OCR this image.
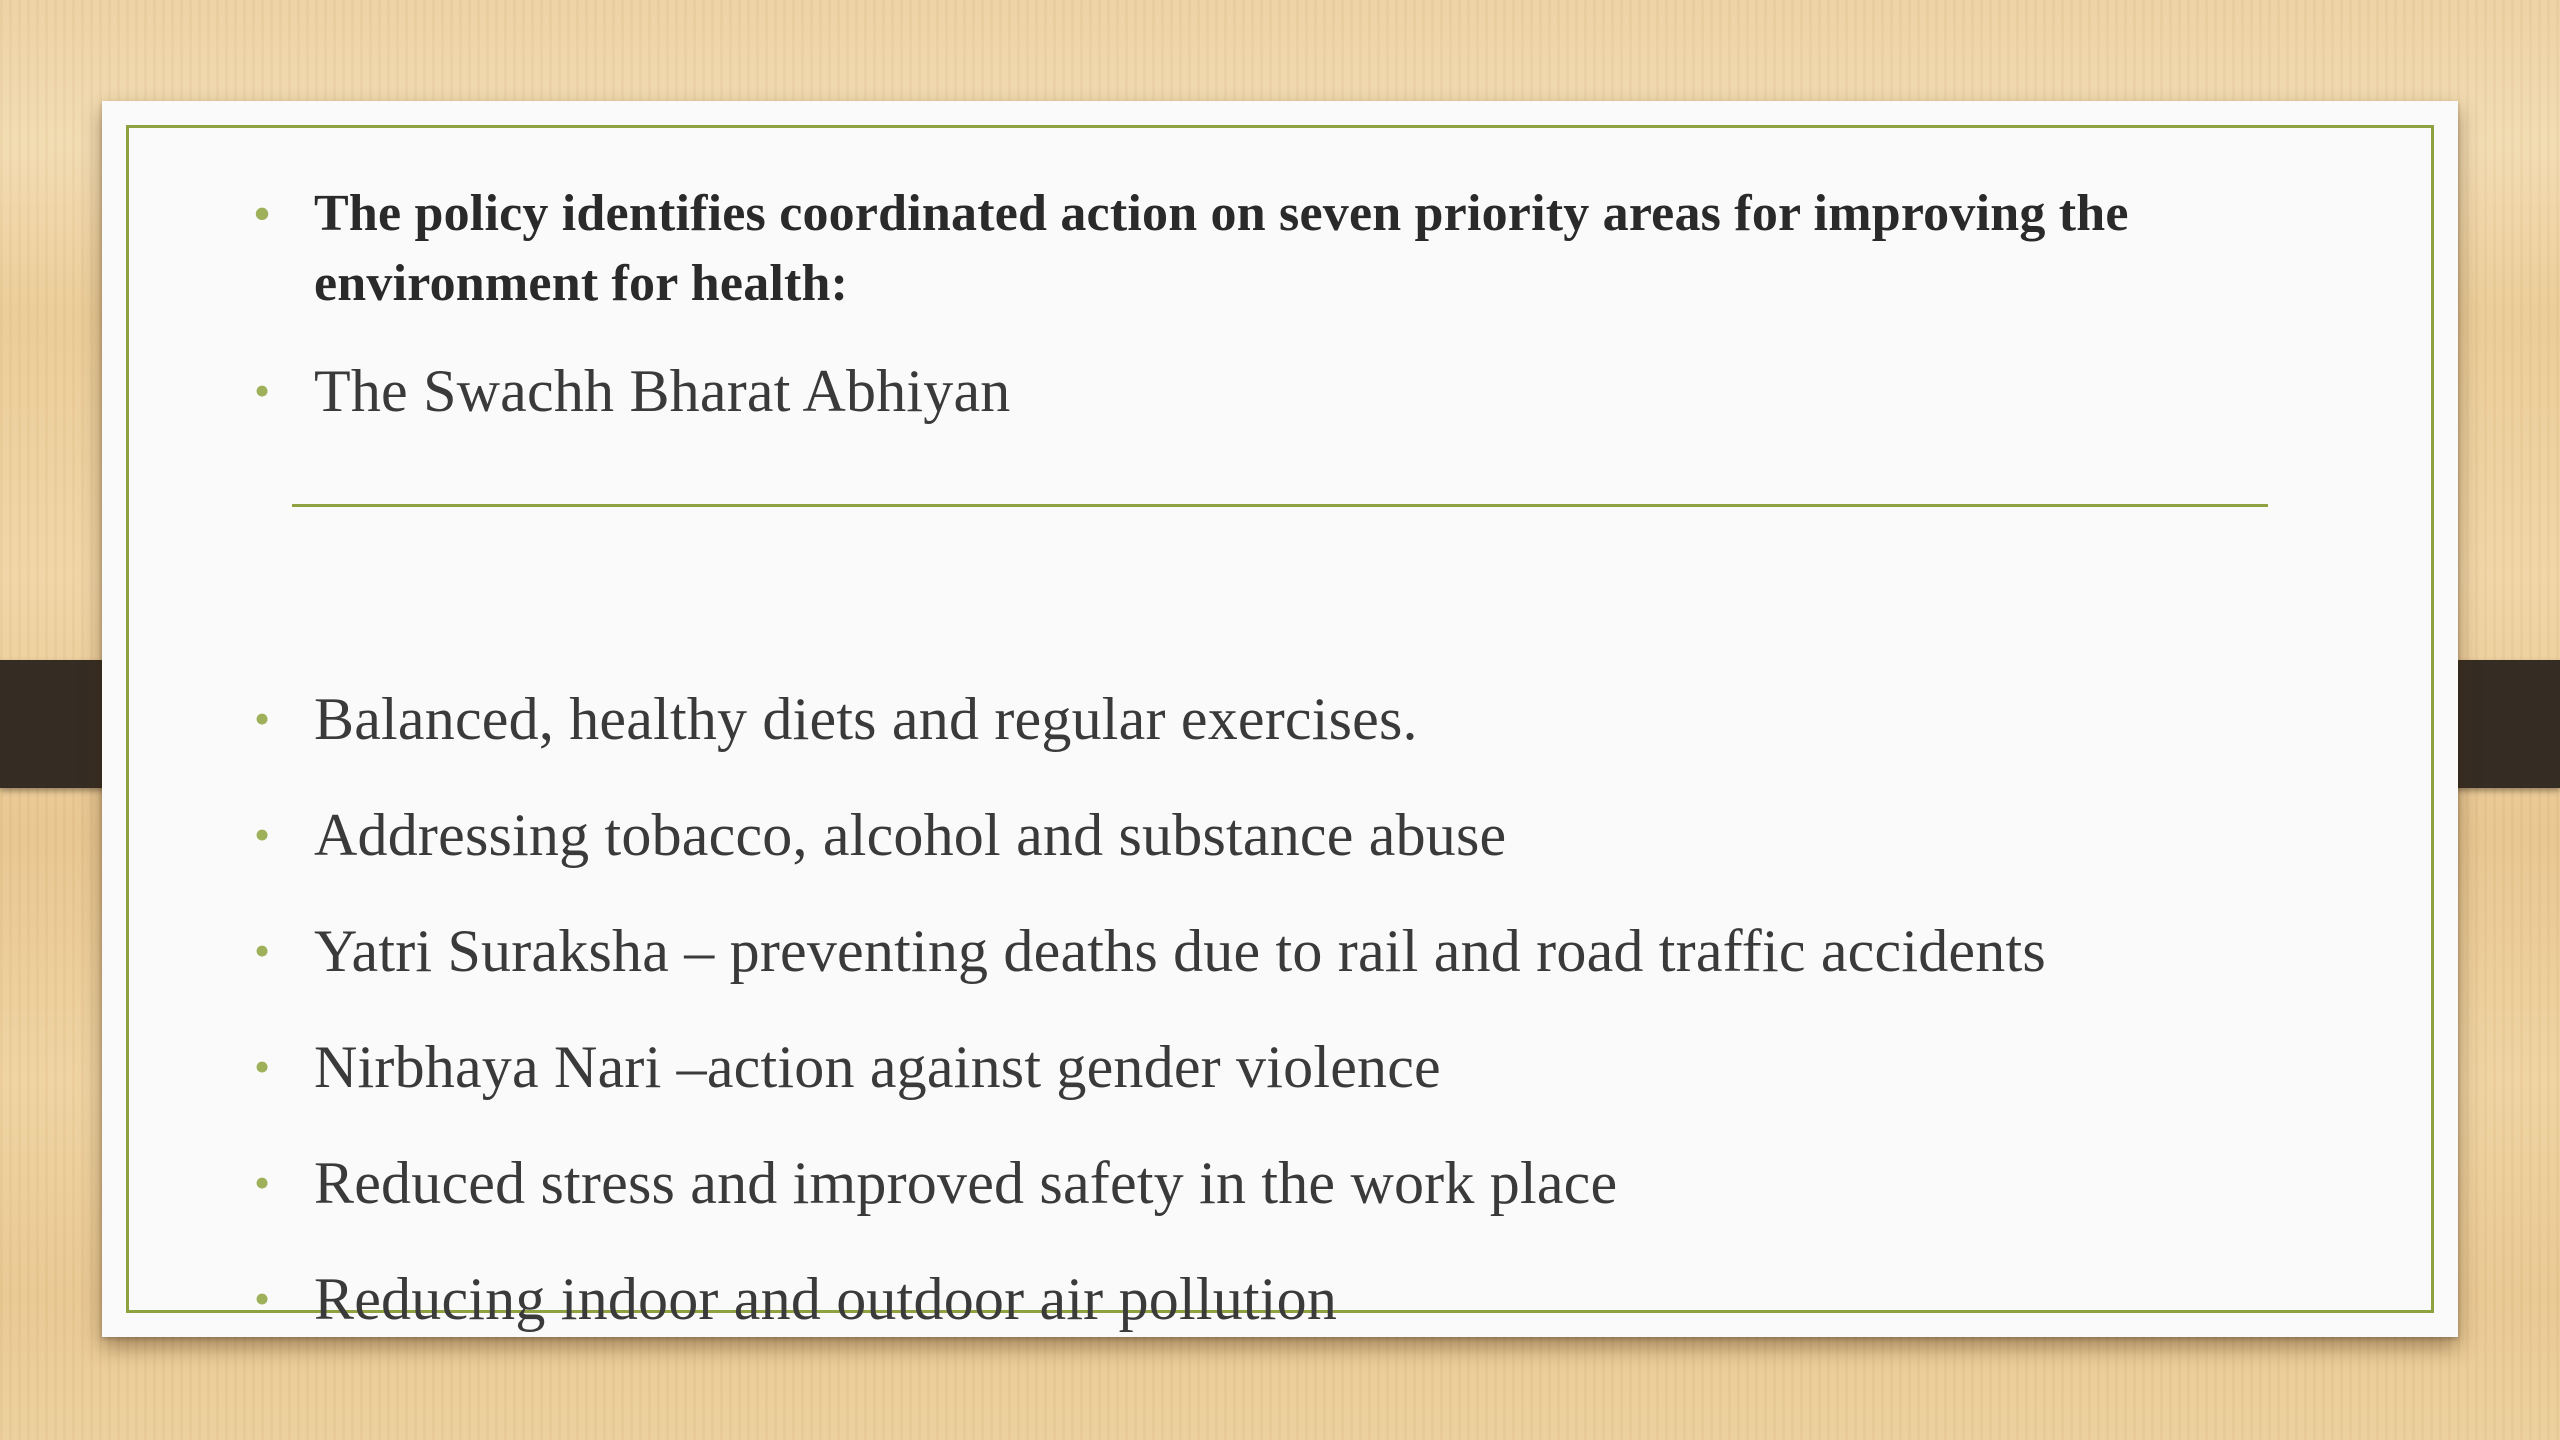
• The policy identifies coordinated action on seven priority areas for improving the environment for health:
• The Swachh Bharat Abhiyan
• Balanced, healthy diets and regular exercises.
• Addressing tobacco, alcohol and substance abuse
• Yatri Suraksha – preventing deaths due to rail and road traffic accidents
• Nirbhaya Nari –action against gender violence
• Reduced stress and improved safety in the work place
• Reducing indoor and outdoor air pollution
